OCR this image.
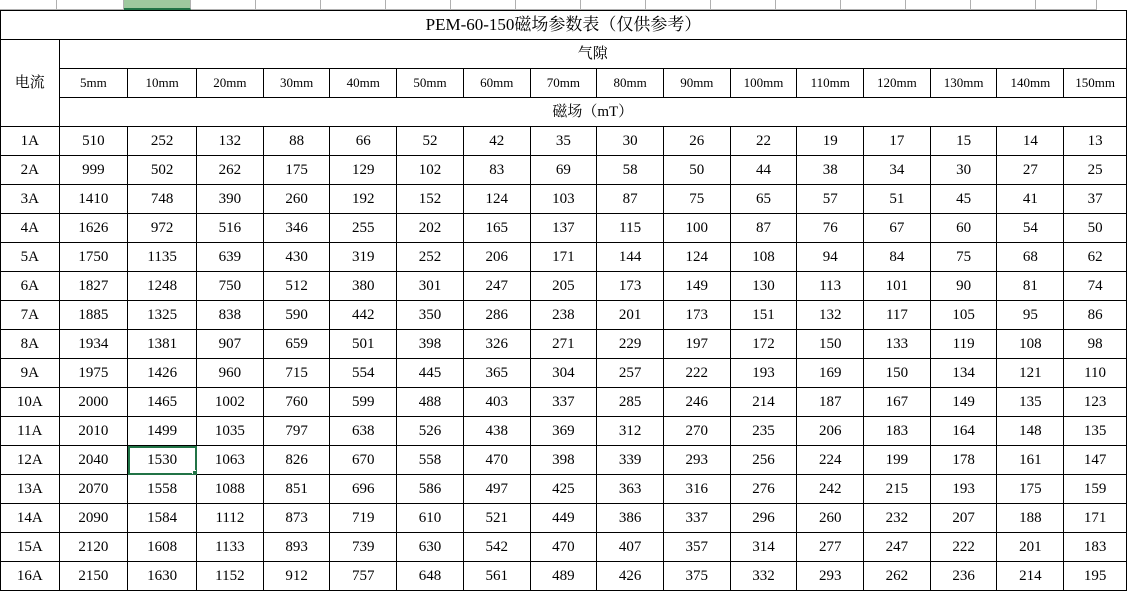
PEM-60-150磁场参数表（仅供参考）																
电流	气隙															
	5mm	10mm	20mm	30mm	40mm	50mm	60mm	70mm	80mm	90mm	100mm	110mm	120mm	130mm	140mm	150mm
	磁场（mT）															
1A	510	252	132	88	66	52	42	35	30	26	22	19	17	15	14	13
2A	999	502	262	175	129	102	83	69	58	50	44	38	34	30	27	25
3A	1410	748	390	260	192	152	124	103	87	75	65	57	51	45	41	37
4A	1626	972	516	346	255	202	165	137	115	100	87	76	67	60	54	50
5A	1750	1135	639	430	319	252	206	171	144	124	108	94	84	75	68	62
6A	1827	1248	750	512	380	301	247	205	173	149	130	113	101	90	81	74
7A	1885	1325	838	590	442	350	286	238	201	173	151	132	117	105	95	86
8A	1934	1381	907	659	501	398	326	271	229	197	172	150	133	119	108	98
9A	1975	1426	960	715	554	445	365	304	257	222	193	169	150	134	121	110
10A	2000	1465	1002	760	599	488	403	337	285	246	214	187	167	149	135	123
11A	2010	1499	1035	797	638	526	438	369	312	270	235	206	183	164	148	135
12A	2040	1530	1063	826	670	558	470	398	339	293	256	224	199	178	161	147
13A	2070	1558	1088	851	696	586	497	425	363	316	276	242	215	193	175	159
14A	2090	1584	1112	873	719	610	521	449	386	337	296	260	232	207	188	171
15A	2120	1608	1133	893	739	630	542	470	407	357	314	277	247	222	201	183
16A	2150	1630	1152	912	757	648	561	489	426	375	332	293	262	236	214	195
